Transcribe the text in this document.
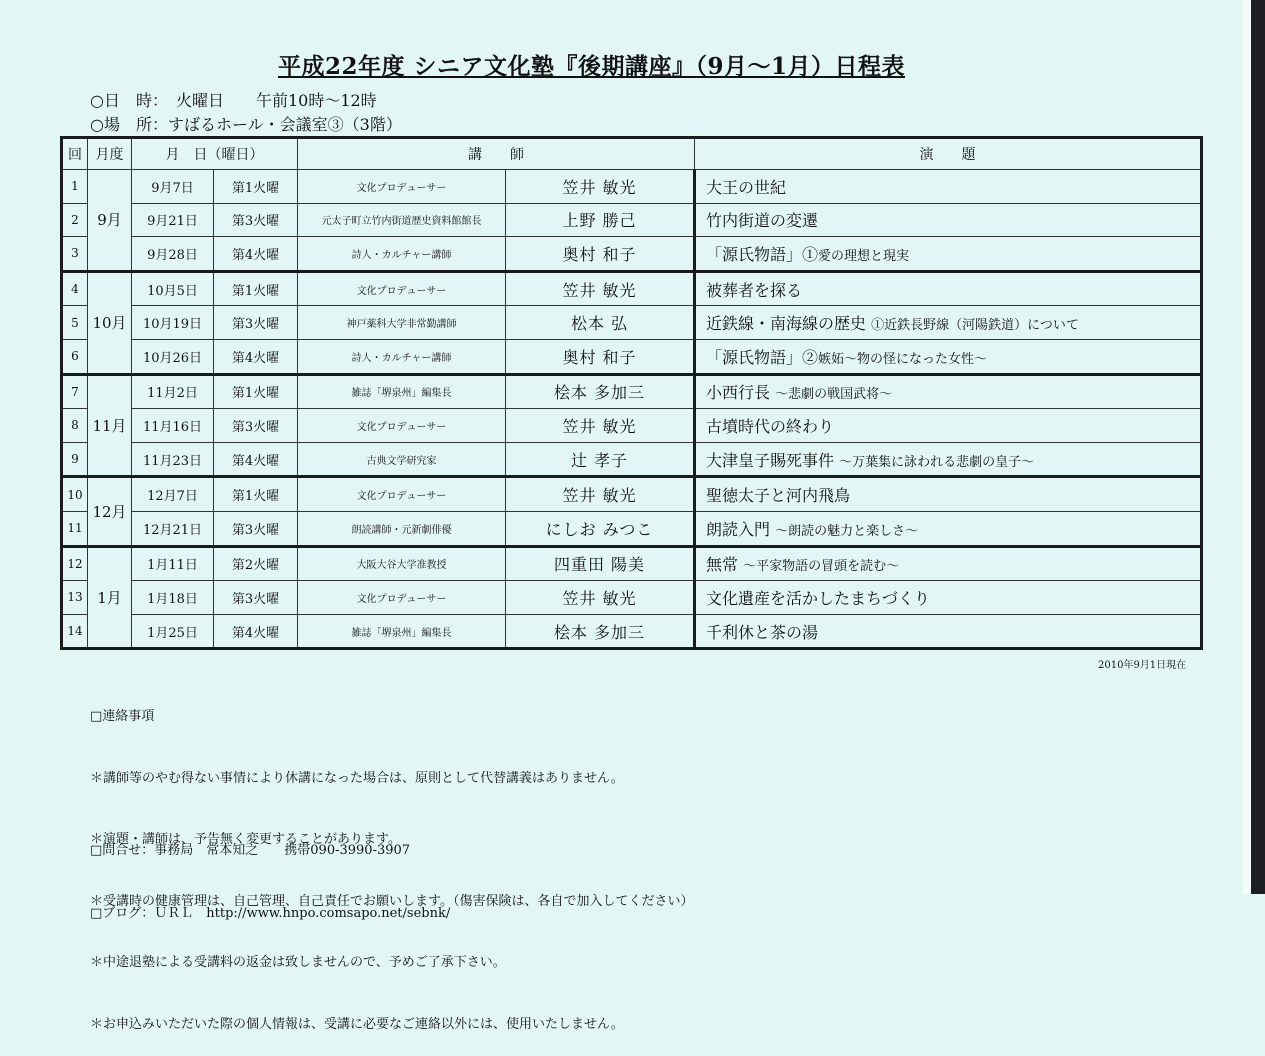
平成22年度 シニア文化塾『後期講座』（9月～1月）日程表
○日　時：　火曜日　　午前10時～12時
○場　所：すばるホール・会議室③（3階）
回	月度	月　日（曜日）		講　　師		演　　題
1	9月	9月7日	第1火曜	文化プロデューサー	笠井 敏光	大王の世紀
2		9月21日	第3火曜	元太子町立竹内街道歴史資料館館長	上野 勝己	竹内街道の変遷
3		9月28日	第4火曜	詩人・カルチャー講師	奥村 和子	「源氏物語」①愛の理想と現実
4	10月	10月5日	第1火曜	文化プロデューサー	笠井 敏光	被葬者を探る
5		10月19日	第3火曜	神戸薬科大学非常勤講師	松本 弘	近鉄線・南海線の歴史 ①近鉄長野線（河陽鉄道）について
6		10月26日	第4火曜	詩人・カルチャー講師	奥村 和子	「源氏物語」②嫉妬～物の怪になった女性～
7	11月	11月2日	第1火曜	雑誌「堺泉州」編集長	桧本 多加三	小西行長 ～悲劇の戦国武将～
8		11月16日	第3火曜	文化プロデューサー	笠井 敏光	古墳時代の終わり
9		11月23日	第4火曜	古典文学研究家	辻 孝子	大津皇子賜死事件 ～万葉集に詠われる悲劇の皇子～
10	12月	12月7日	第1火曜	文化プロデューサー	笠井 敏光	聖徳太子と河内飛鳥
11		12月21日	第3火曜	朗読講師・元新劇俳優	にしお みつこ	朗読入門 ～朗読の魅力と楽しさ～
12	1月	1月11日	第2火曜	大阪大谷大学准教授	四重田 陽美	無常 ～平家物語の冒頭を読む～
13		1月18日	第3火曜	文化プロデューサー	笠井 敏光	文化遺産を活かしたまちづくり
14		1月25日	第4火曜	雑誌「堺泉州」編集長	桧本 多加三	千利休と茶の湯
2010年9月1日現在

□連絡事項

＊講師等のやむ得ない事情により休講になった場合は、原則として代替講義はありません。

＊演題・講師は、予告無く変更することがあります。

＊受講時の健康管理は、自己管理、自己責任でお願いします。（傷害保険は、各自で加入してください）

＊中途退塾による受講料の返金は致しませんので、予めご了承下さい。

＊お申込みいただいた際の個人情報は、受講に必要なご連絡以外には、使用いたしません。

□問合せ：事務局　常本知之　　携帯090-3990-3907

□ブログ：ＵＲＬ　http://www.hnpo.comsapo.net/sebnk/
